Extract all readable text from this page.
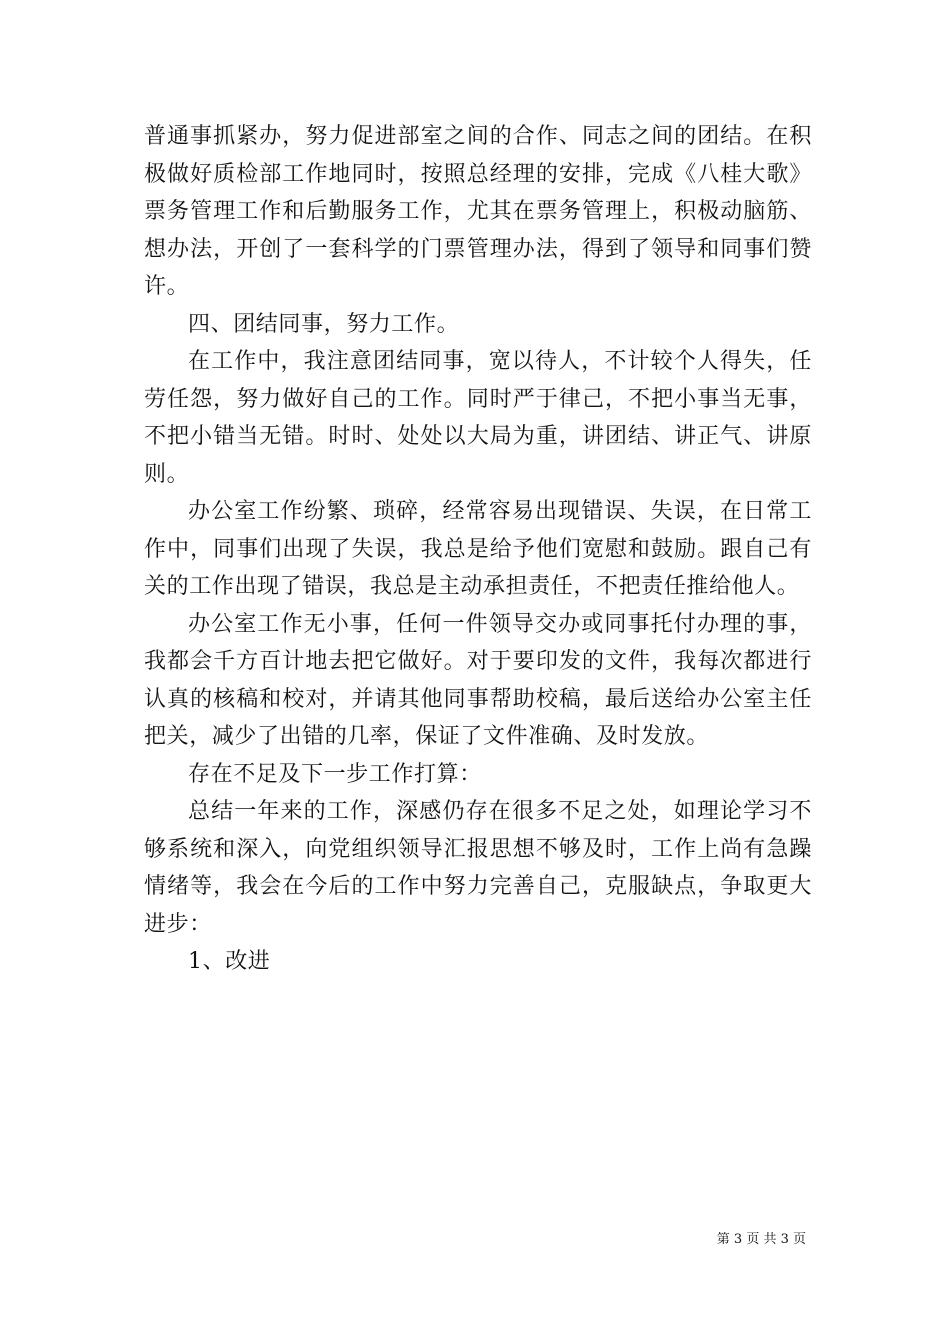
普通事抓紧办，努力促进部室之间的合作、同志之间的团结。在积极做好质检部工作地同时，按照总经理的安排，完成《八桂大歌》票务管理工作和后勤服务工作，尤其在票务管理上，积极动脑筋、想办法，开创了一套科学的门票管理办法，得到了领导和同事们赞许。

四、团结同事，努力工作。

在工作中，我注意团结同事，宽以待人，不计较个人得失，任劳任怨，努力做好自己的工作。同时严于律己，不把小事当无事，不把小错当无错。时时、处处以大局为重，讲团结、讲正气、讲原则。

办公室工作纷繁、琐碎，经常容易出现错误、失误，在日常工作中，同事们出现了失误，我总是给予他们宽慰和鼓励。跟自己有关的工作出现了错误，我总是主动承担责任，不把责任推给他人。

办公室工作无小事，任何一件领导交办或同事托付办理的事，我都会千方百计地去把它做好。对于要印发的文件，我每次都进行认真的核稿和校对，并请其他同事帮助校稿，最后送给办公室主任把关，减少了出错的几率，保证了文件准确、及时发放。

存在不足及下一步工作打算：

总结一年来的工作，深感仍存在很多不足之处，如理论学习不够系统和深入，向党组织领导汇报思想不够及时，工作上尚有急躁情绪等，我会在今后的工作中努力完善自己，克服缺点，争取更大进步：

1、改进

第 3 页 共 3 页
